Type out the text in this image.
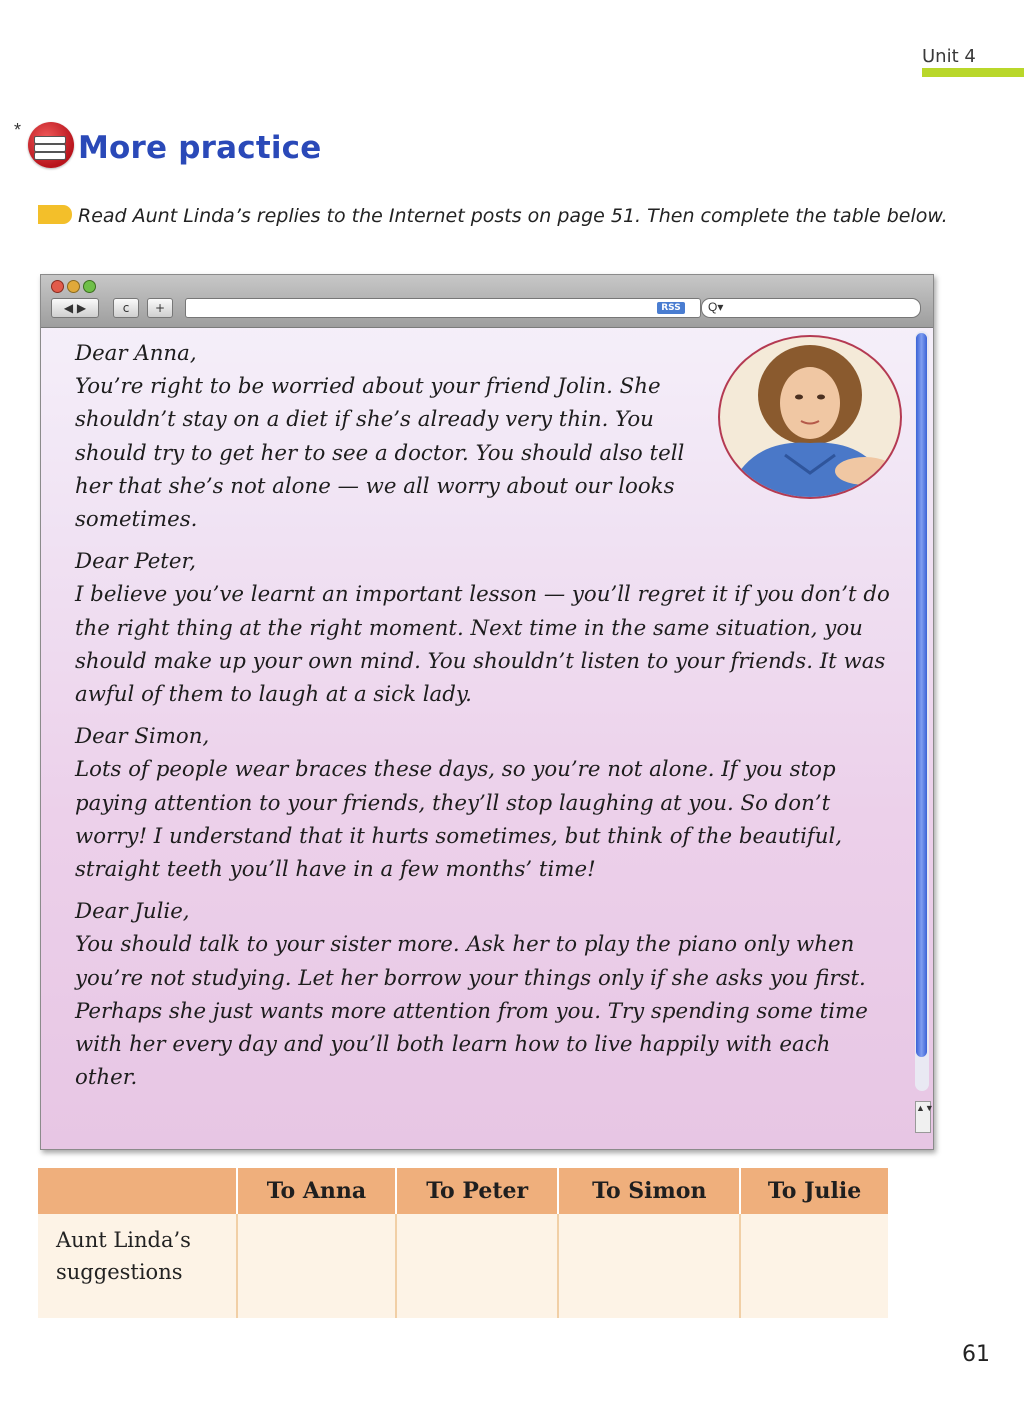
Unit 4
* More practice
Read Aunt Linda’s replies to the Internet posts on page 51. Then complete the table below.
◀ ▶	c	+	RSS	Q▾
▲▼
Dear Anna,
You’re right to be worried about your friend Jolin. She shouldn’t stay on a diet if she’s already very thin. You should try to get her to see a doctor. You should also tell her that she’s not alone — we all worry about our looks sometimes.
Dear Peter,
I believe you’ve learnt an important lesson — you’ll regret it if you don’t do the right thing at the right moment. Next time in the same situation, you should make up your own mind. You shouldn’t listen to your friends. It was awful of them to laugh at a sick lady.
Dear Simon,
Lots of people wear braces these days, so you’re not alone. If you stop paying attention to your friends, they’ll stop laughing at you. So don’t worry! I understand that it hurts sometimes, but think of the beautiful, straight teeth you’ll have in a few months’ time!
Dear Julie,
You should talk to your sister more. Ask her to play the piano only when you’re not studying. Let her borrow your things only if she asks you first. Perhaps she just wants more attention from you. Try spending some time with her every day and you’ll both learn how to live happily with each other.
	To Anna	To Peter	To Simon	To Julie
Aunt Linda’s suggestions				
61
